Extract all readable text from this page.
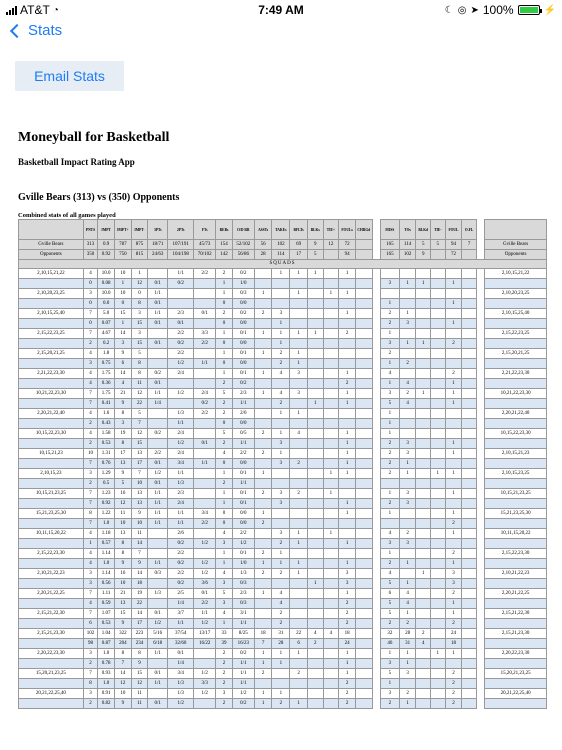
AT&T ◔	7:49 AM	☾ ◎ ➤ 100%	⚡
Stats
Email Stats
Moneyball for Basketball
Basketball Impact Rating App
Gville Bears (313) vs (350) Opponents
Combined stats of all games played
	PNTS	IMPT	IMPT+	IMPT-	3PTs	2PTs	FTs	REBs	O/D RB	ASSTs	TAKEs	BFLTs	BLKs	TIE+	FOULs	CHRGd		MISS	TOs	BLKd	TIE-	FOUL	O.FL		
Gville Bears	313	0.9	787	875	18/71	107/191	45/73	154	52/102	56	102	69	9	12	72			165	114	5	5	94	7		Gville Bears
Opponents	350	0.92	750	815	24/63	104/198	70/102	142	56/86	28	114	17	5		94			165	102	9		72			Opponents
SQUADS																									
2,10,15,21,22	4	10.0	10	1		1/1	2/2	2	0/2		1	1	1		1										2,10,15,21,22
	0	0.08	1	12	0/1	0/2		1	1/0									3	1	1		1			
2,10,20,23,25	3	10.0	10	0	1/1			1	0/3	1		1		1	1										2,10,20,23,25
	0	0.0	0	8	0/1			0	0/0									1				1			
2,10,15,25,40	7	5.0	15	3	1/1	2/3	0/1	2	0/2	2	3				1			2	1						2,10,15,25,40
	0	0.07	1	15	0/1	0/1		0	0/0		1							2	3			1			
2,15,22,23,25	7	4.67	14	3		2/2	3/3	1	0/1	1	1	1	1		2			1							2,15,22,23,25
	2	0.2	3	15	0/1	0/2	2/2	0	0/0		1							3	1	1		2			
2,15,20,21,25	4	1.8	9	5		2/2		1	0/1	1	2	1						2							2,15,20,21,25
	3	0.75	6	8		1/2	1/1	0	0/0		2	1						1	2						
2,21,22,23,30	4	1.75	14	8	0/2	2/4		1	0/1	1	4	3			1			4				2			2,21,22,23,30
	4	0.36	4	11	0/1			2	0/2						2			1	4			1			
10,21,22,23,30	7	1.75	21	12	1/1	1/2	2/4	5	2/3	1	4	3			1			3	2	1		1			10,21,22,23,30
	7	0.41	9	22	1/4		0/2	2	1/1		2		1		1			5	4			1			
2,20,21,22,40	4	1.6	8	5		1/3	2/2	2	2/0		1	1						1							2,20,21,22,40
	2	0.43	3	7		1/1		0	0/0									1							
10,15,22,23,30	4	1.58	19	12	0/2	2/4		5	0/5	2	1	4			1			1							10,15,22,23,30
	2	0.53	8	15		1/2	0/1	2	1/1		3				1			2	3			1			
10,15,21,23	10	1.31	17	13	2/2	2/4		4	2/2	2	1				1			2	3			1			2,10,15,21,23
	7	0.76	13	17	0/1	3/4	1/1	0	0/0		3	2			1			2	1						
2,10,15,23	3	1.29	9	7	1/2	1/1		1	0/1	1				1	1			2	1		1	1			2,10,15,23,25
	2	0.5	5	10	0/1	1/3		2	1/1																
10,15,21,23,25	7	1.23	16	13	1/1	2/3		1	0/1	2	3	2		1				1	3			1			10,15,21,23,25
	7	0.92	12	13	1/1	2/4		1	0/1		3				1			2	3						
15,21,23,25,30	8	1.22	11	9	1/1	1/1	3/4	0	0/0	1					1			1				1			15,21,23,25,30
	7	1.0	10	10	1/1	1/1	2/2	0	0/0	2												2			
10,11,15,20,22	4	1.18	13	11		2/6		4	2/2		3	1		1				4	2			1			10,11,15,20,22
	1	0.57	8	14		0/2	1/2	3	1/2		2	1			1			3	3						
2,15,22,23,30	4	1.14	8	7		2/2		1	0/1	2	1							1				2			2,15,22,23,30
	4	1.0	9	9	1/1	0/2	1/2	1	1/0	1	1	1			1			2	1			1			
2,10,21,22,23	3	1.14	16	14	0/3	2/2	1/2	4	1/3	2	2	1			3			4		1		3			2,10,21,22,23
	3	0.56	10	18		0/2	3/6	3	0/3				1		3			5	1			3			
2,20,21,22,25	7	1.11	21	19	1/3	2/5	0/1	5	2/3	1	4				1			6	4			2			2,20,21,22,25
	4	0.59	13	22		1/4	2/2	3	0/3		4				2			5	4			1			
2,15,21,22,30	7	1.07	15	14	0/1	3/7	1/1	4	3/1		2				2			5	1			1			2,15,21,22,30
	6	0.53	9	17	1/2	1/1	1/2	1	1/1		2				2			2	2			2			
2,15,21,23,30	102	1.04	322	223	5/16	37/54	13/17	33	8/25	18	31	22	4	4	18			32	28	2		24			2,15,21,23,30
	98	0.87	204	234	6/18	32/60	16/22	39	16/23	7	28	6	2		24			46	31	4		18			
2,20,22,23,30	3	1.0	8	8	1/1	0/1		2	0/2	1	1	1			1			1	1		1	1			2,20,22,23,30
	2	0.78	7	9		1/4		2	1/1	1	1				1			3	1						
15,20,21,23,25	7	0.93	14	15	0/1	3/4	1/2	2	1/1	2		2			1			5	3			2			15,20,21,23,25
	8	1.0	12	12	1/1	1/3	3/3	2	1/1						2			1				2			
20,21,22,25,40	3	0.91	10	11		1/3	1/2	3	1/2	1	1				2			3	2			2			20,21,22,25,40
	2	0.82	9	11	0/1	1/2		2	0/2	1	2	1			2			2	1			2			
